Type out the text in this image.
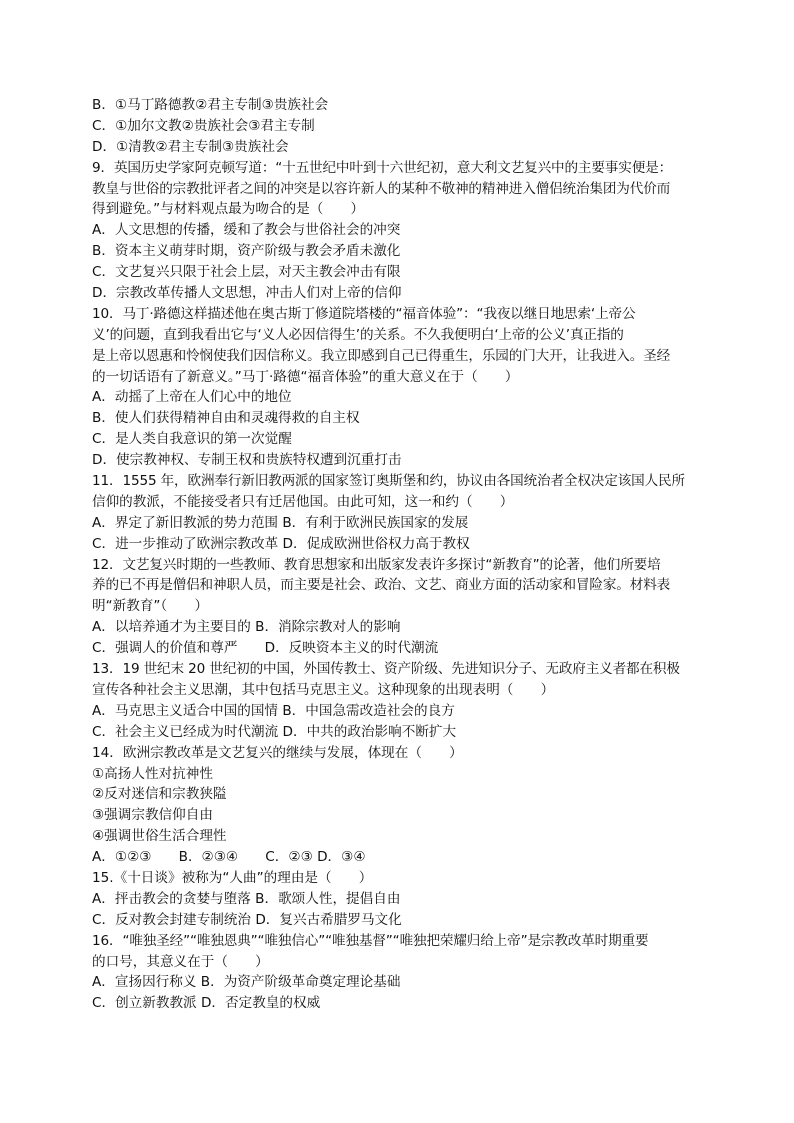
B．①马丁路德教②君主专制③贵族社会
C．①加尔文教②贵族社会③君主专制
D．①清教②君主专制③贵族社会
9．英国历史学家阿克顿写道：“十五世纪中叶到十六世纪初，意大利文艺复兴中的主要事实便是：
教皇与世俗的宗教批评者之间的冲突是以容许新人的某种不敬神的精神进入僧侣统治集团为代价而
得到避免。”与材料观点最为吻合的是（　　）
A．人文思想的传播，缓和了教会与世俗社会的冲突
B．资本主义萌芽时期，资产阶级与教会矛盾未激化
C．文艺复兴只限于社会上层，对天主教会冲击有限
D．宗教改革传播人文思想，冲击人们对上帝的信仰
10．马丁·路德这样描述他在奥古斯丁修道院塔楼的“福音体验”：“我夜以继日地思索‘上帝公
义’的问题，直到我看出它与‘义人必因信得生’的关系。不久我便明白‘上帝的公义’真正指的
是上帝以恩惠和怜悯使我们因信称义。我立即感到自己已得重生，乐园的门大开，让我进入。圣经
的一切话语有了新意义。”马丁·路德“福音体验”的重大意义在于（　　）
A．动摇了上帝在人们心中的地位
B．使人们获得精神自由和灵魂得救的自主权
C．是人类自我意识的第一次觉醒
D．使宗教神权、专制王权和贵族特权遭到沉重打击
11．1555 年，欧洲奉行新旧教两派的国家签订奥斯堡和约，协议由各国统治者全权决定该国人民所
信仰的教派，不能接受者只有迁居他国。由此可知，这一和约（　　）
A．界定了新旧教派的势力范围 B．有利于欧洲民族国家的发展
C．进一步推动了欧洲宗教改革 D．促成欧洲世俗权力高于教权
12．文艺复兴时期的一些教师、教育思想家和出版家发表许多探讨“新教育”的论著，他们所要培
养的已不再是僧侣和神职人员，而主要是社会、政治、文艺、商业方面的活动家和冒险家。材料表
明“新教育”（　　）
A．以培养通才为主要目的 B．消除宗教对人的影响
C．强调人的价值和尊严　　D．反映资本主义的时代潮流
13．19 世纪末 20 世纪初的中国，外国传教士、资产阶级、先进知识分子、无政府主义者都在积极
宣传各种社会主义思潮，其中包括马克思主义。这种现象的出现表明（　　）
A．马克思主义适合中国的国情 B．中国急需改造社会的良方
C．社会主义已经成为时代潮流 D．中共的政治影响不断扩大
14．欧洲宗教改革是文艺复兴的继续与发展，体现在（　　）
①高扬人性对抗神性
②反对迷信和宗教狭隘
③强调宗教信仰自由
④强调世俗生活合理性
A．①②③　　B．②③④　　C．②③ D．③④
15.《十日谈》被称为“人曲”的理由是（　　）
A．抨击教会的贪婪与堕落 B．歌颂人性，提倡自由
C．反对教会封建专制统治 D．复兴古希腊罗马文化
16．“唯独圣经”“唯独恩典”“唯独信心”“唯独基督”“唯独把荣耀归给上帝”是宗教改革时期重要
的口号，其意义在于（　　）
A．宣扬因行称义 B．为资产阶级革命奠定理论基础
C．创立新教教派 D．否定教皇的权威
